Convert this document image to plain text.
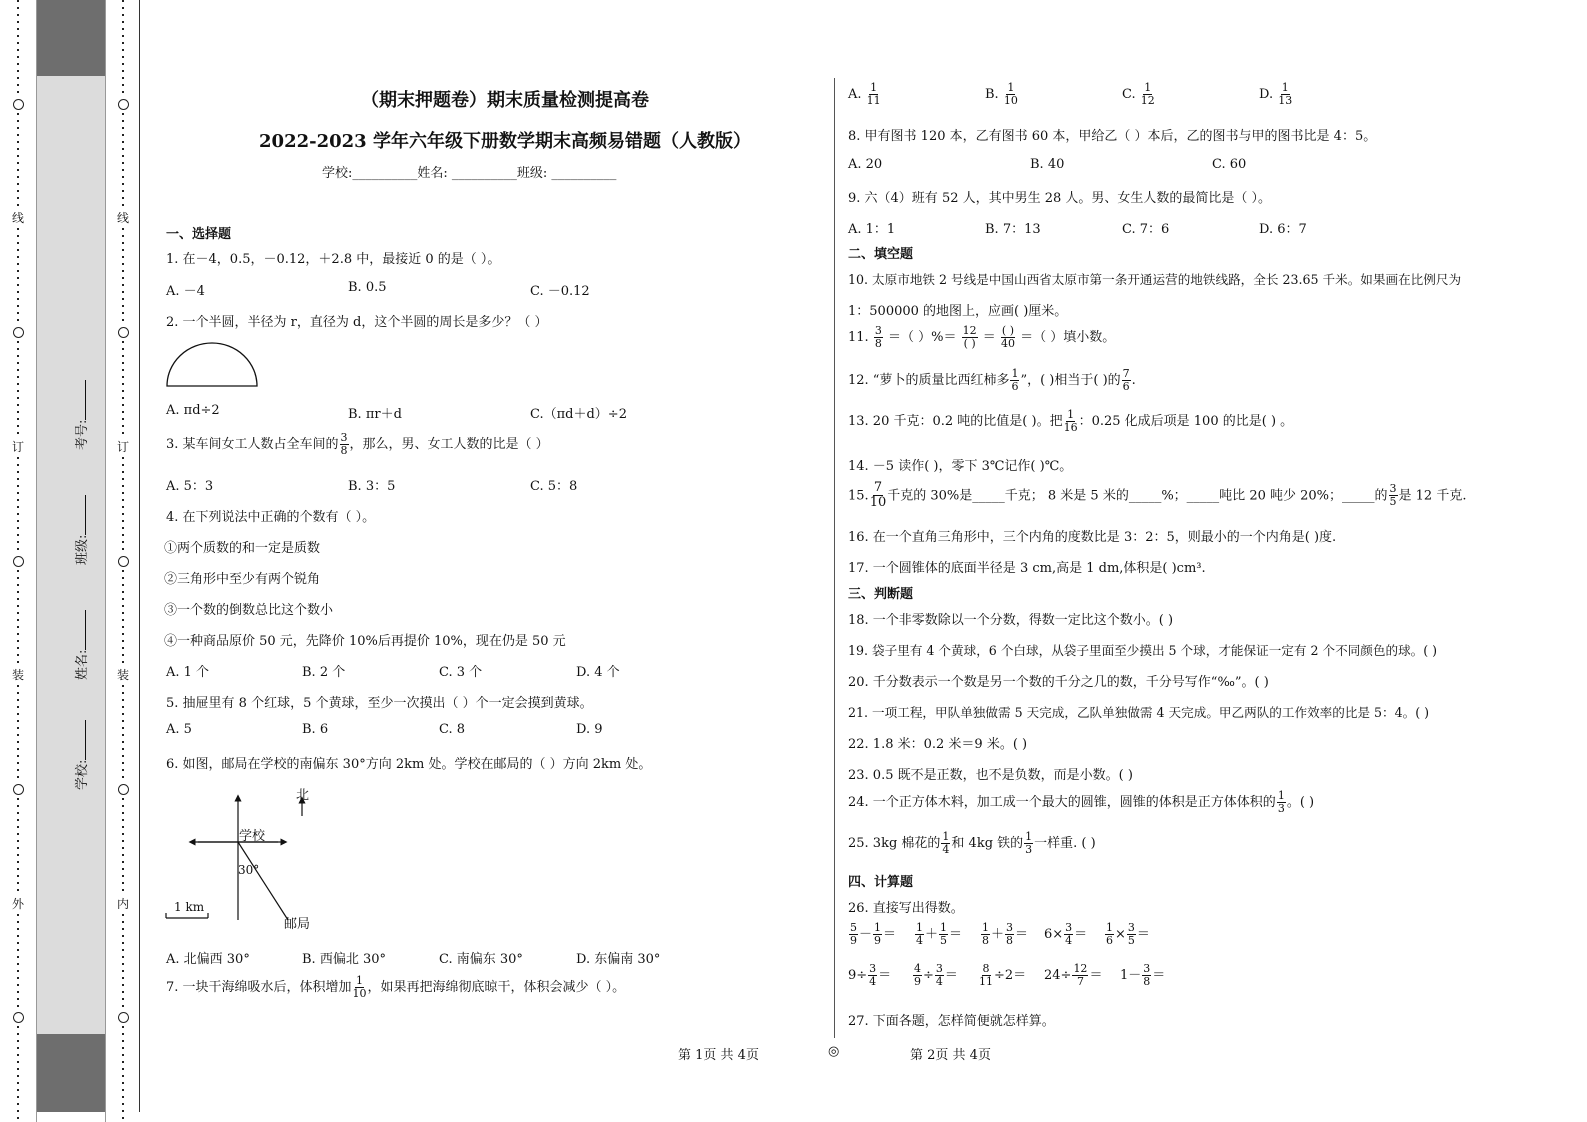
线
订
装
外
学校:
姓名:
班级:
考号:
线
订
装
内
（期末押题卷）期末质量检测提高卷
2022-2023 学年六年级下册数学期末高频易错题（人教版）
学校:__________姓名: __________班级: __________
一、选择题
1. 在－4，0.5，－0.12，＋2.8 中，最接近 0 的是（ ）。
A. －4	B. 0.5	C. －0.12
2. 一个半圆，半径为 r，直径为 d，这个半圆的周长是多少？（ ）
A. πd÷2	B. πr＋d	C.（πd＋d）÷2
3. 某车间女工人数占全车间的 $\frac{3}{8}$ ，那么，男、女工人数的比是（ ）
A. 5：3	B. 3：5	C. 5：8
4. 在下列说法中正确的个数有（ ）。
①两个质数的和一定是质数
②三角形中至少有两个锐角
③一个数的倒数总比这个数小
④一种商品原价 50 元，先降价 10%后再提价 10%，现在仍是 50 元
A. 1 个	B. 2 个	C. 3 个	D. 4 个
5. 抽屉里有 8 个红球，5 个黄球，至少一次摸出（ ）个一定会摸到黄球。
A. 5	B. 6	C. 8	D. 9
6. 如图，邮局在学校的南偏东 30°方向 2km 处。学校在邮局的（ ）方向 2km 处。
北
学校
30°
1 km
邮局
A. 北偏西 30°	B. 西偏北 30°	C. 南偏东 30°	D. 东偏南 30°
7. 一块干海绵吸水后，体积增加 $\frac{1}{10}$ ，如果再把海绵彻底晾干，体积会减少（ ）。
A. $\frac{1}{11}$	B. $\frac{1}{10}$	C. $\frac{1}{12}$	D. $\frac{1}{13}$
8. 甲有图书 120 本，乙有图书 60 本，甲给乙（ ）本后，乙的图书与甲的图书比是 4：5。
A. 20	B. 40	C. 60
9. 六（4）班有 52 人，其中男生 28 人。男、女生人数的最简比是（ ）。
A. 1：1	B. 7：13	C. 7：6	D. 6：7
二、填空题
10. 太原市地铁 2 号线是中国山西省太原市第一条开通运营的地铁线路，全长 23.65 千米。如果画在比例尺为
1：500000 的地图上，应画( )厘米。
11. $\frac{3}{8}$ ＝（ ）%＝ $\frac{12}{( )} = \frac{( )}{40}$ ＝（ ）填小数。
12. “萝卜的质量比西红柿多 $\frac{1}{6}$ ”，( )相当于( )的 $\frac{7}{6}$ .
13. 20 千克：0.2 吨的比值是( )。把 $\frac{1}{16}$ ：0.25 化成后项是 100 的比是( ) 。
14. －5 读作( )，零下 3℃记作( )℃。
15. $\frac{7}{10}$ 千克的 30%是_____千克； 8 米是 5 米的_____%；_____吨比 20 吨少 20%；_____的 $\frac{3}{5}$ 是 12 千克.
16. 在一个直角三角形中，三个内角的度数比是 3：2：5，则最小的一个内角是( )度.
17. 一个圆锥体的底面半径是 3 cm,高是 1 dm,体积是( )cm³.
三、判断题
18. 一个非零数除以一个分数，得数一定比这个数小。( )
19. 袋子里有 4 个黄球，6 个白球，从袋子里面至少摸出 5 个球，才能保证一定有 2 个不同颜色的球。( )
20. 千分数表示一个数是另一个数的千分之几的数，千分号写作“‰”。( )
21. 一项工程，甲队单独做需 5 天完成，乙队单独做需 4 天完成。甲乙两队的工作效率的比是 5：4。( )
22. 1.8 米：0.2 米＝9 米。( )
23. 0.5 既不是正数，也不是负数，而是小数。( )
24. 一个正方体木料，加工成一个最大的圆锥，圆锥的体积是正方体体积的 $\frac{1}{3}$ 。( )
25. 3kg 棉花的 $\frac{1}{4}$ 和 4kg 铁的 $\frac{1}{3}$ 一样重. ( )
四、计算题
26. 直接写出得数。
$\frac{5}{9} - \frac{1}{9} = \frac{1}{4} + \frac{1}{5} = \frac{1}{8} + \frac{3}{8} = 6\times \frac{3}{4} = \frac{1}{6} \times \frac{3}{5}$ ＝
$9\div \frac{3}{4} = \frac{4}{9} \div \frac{3}{4} = \frac{8}{11} \div 2= 24\div \frac{12}{7} = 1- \frac{3}{8}$ ＝
27. 下面各题，怎样简便就怎样算。
第 1页 共 4页	◎	第 2页 共 4页
